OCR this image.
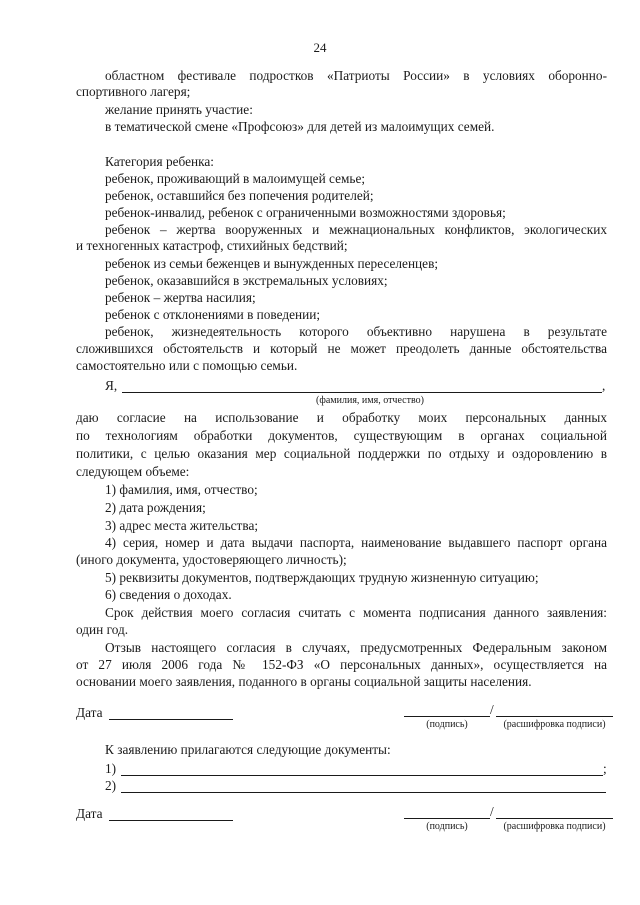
24
областном фестивале подростков «Патриоты России» в условиях оборонно-
спортивного лагеря;
желание принять участие:
в тематической смене «Профсоюз» для детей из малоимущих семей.
Категория ребенка:
ребенок, проживающий в малоимущей семье;
ребенок, оставшийся без попечения родителей;
ребенок-инвалид, ребенок с ограниченными возможностями здоровья;
ребенок – жертва вооруженных и межнациональных конфликтов, экологических
и техногенных катастроф, стихийных бедствий;
ребенок из семьи беженцев и вынужденных переселенцев;
ребенок, оказавшийся в экстремальных условиях;
ребенок – жертва насилия;
ребенок с отклонениями в поведении;
ребенок, жизнедеятельность которого объективно нарушена в результате
сложившихся обстоятельств и который не может преодолеть данные обстоятельства
самостоятельно или с помощью семьи.
Я,	,
(фамилия, имя, отчество)
даю согласие на использование и обработку моих персональных данных
по технологиям обработки документов, существующим в органах социальной
политики, с целью оказания мер социальной поддержки по отдыху и оздоровлению в
следующем объеме:
1) фамилия, имя, отчество;
2) дата рождения;
3) адрес места жительства;
4) серия, номер и дата выдачи паспорта, наименование выдавшего паспорт органа
(иного документа, удостоверяющего личность);
5) реквизиты документов, подтверждающих трудную жизненную ситуацию;
6) сведения о доходах.
Срок действия моего согласия считать с момента подписания данного заявления:
один год.
Отзыв настоящего согласия в случаях, предусмотренных Федеральным законом
от 27 июля 2006 года № 152-ФЗ «О персональных данных», осуществляется на
основании моего заявления, поданного в органы социальной защиты населения.
Дата	/
(подпись)	(расшифровка подписи)
К заявлению прилагаются следующие документы:
1)	;
2)
Дата	/
(подпись)	(расшифровка подписи)
